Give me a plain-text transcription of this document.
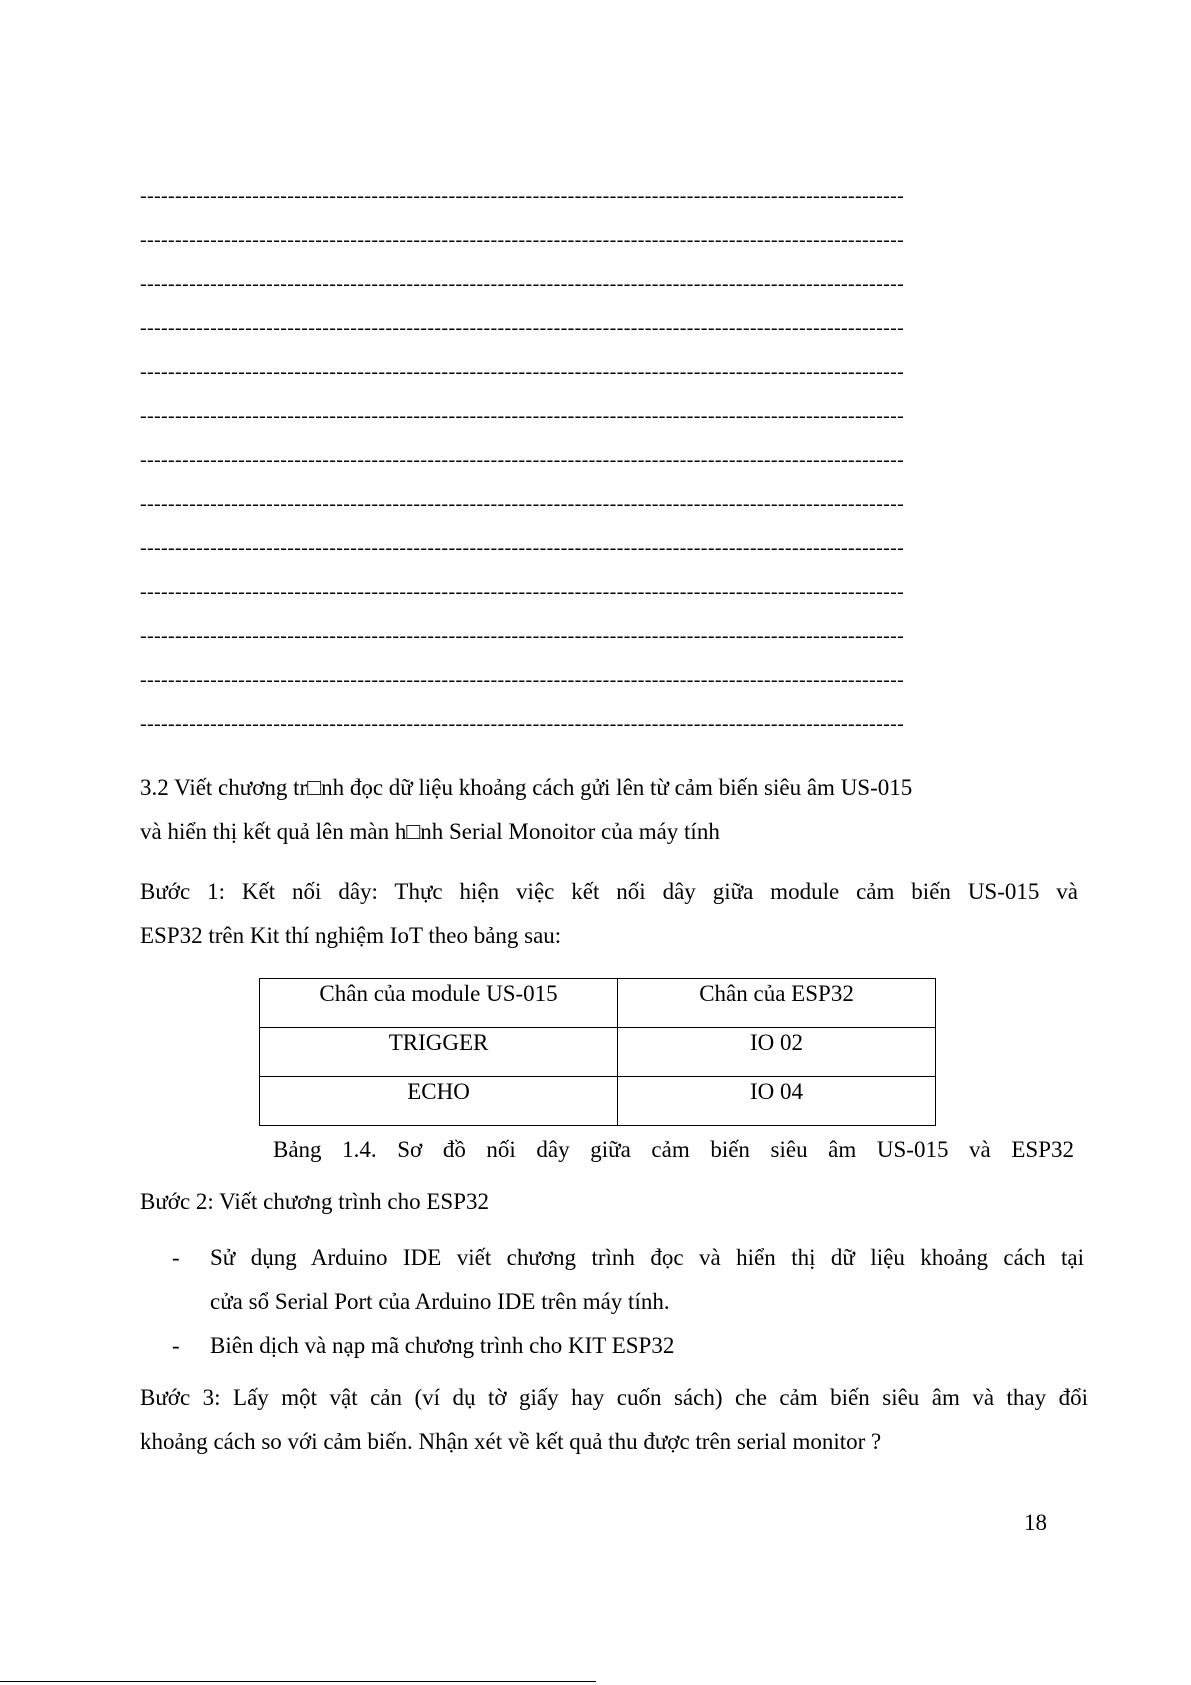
-------------------------------------------------------------------------------------------------------------
-------------------------------------------------------------------------------------------------------------
-------------------------------------------------------------------------------------------------------------
-------------------------------------------------------------------------------------------------------------
-------------------------------------------------------------------------------------------------------------
-------------------------------------------------------------------------------------------------------------
-------------------------------------------------------------------------------------------------------------
-------------------------------------------------------------------------------------------------------------
-------------------------------------------------------------------------------------------------------------
-------------------------------------------------------------------------------------------------------------
-------------------------------------------------------------------------------------------------------------
-------------------------------------------------------------------------------------------------------------
-------------------------------------------------------------------------------------------------------------

3.2 Viết chương tr□nh đọc dữ liệu khoảng cách gửi lên từ cảm biến siêu âm US-015

và hiển thị kết quả lên màn h□nh Serial Monoitor của máy tính

Bước 1: Kết nối dây: Thực hiện việc kết nối dây giữa module cảm biến US-015 và

ESP32 trên Kit thí nghiệm IoT theo bảng sau:

Chân của module US-015	Chân của ESP32
TRIGGER	IO 02
ECHO	IO 04
Bảng 1.4. Sơ đồ nối dây giữa cảm biến siêu âm US-015 và ESP32

Bước 2: Viết chương trình cho ESP32

- Sử dụng Arduino IDE viết chương trình đọc và hiển thị dữ liệu khoảng cách tại
cửa sổ Serial Port của Arduino IDE trên máy tính.
- Biên dịch và nạp mã chương trình cho KIT ESP32

Bước 3: Lấy một vật cản (ví dụ tờ giấy hay cuốn sách) che cảm biến siêu âm và thay đổi

khoảng cách so với cảm biến. Nhận xét về kết quả thu được trên serial monitor ?

18
